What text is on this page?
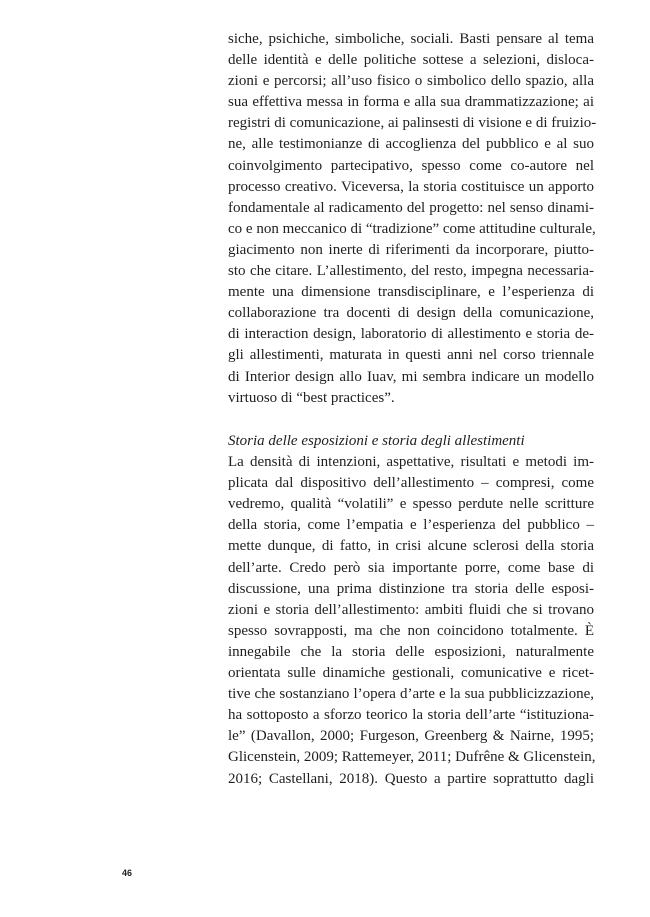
siche, psichiche, simboliche, sociali. Basti pensare al tema
delle identità e delle politiche sottese a selezioni, disloca-
zioni e percorsi; all’uso fisico o simbolico dello spazio, alla
sua effettiva messa in forma e alla sua drammatizzazione; ai
registri di comunicazione, ai palinsesti di visione e di fruizio-
ne, alle testimonianze di accoglienza del pubblico e al suo
coinvolgimento partecipativo, spesso come co-autore nel
processo creativo. Viceversa, la storia costituisce un apporto
fondamentale al radicamento del progetto: nel senso dinami-
co e non meccanico di “tradizione” come attitudine culturale,
giacimento non inerte di riferimenti da incorporare, piutto-
sto che citare. L’allestimento, del resto, impegna necessaria-
mente una dimensione transdisciplinare, e l’esperienza di
collaborazione tra docenti di design della comunicazione,
di interaction design, laboratorio di allestimento e storia de-
gli allestimenti, maturata in questi anni nel corso triennale
di Interior design allo Iuav, mi sembra indicare un modello
virtuoso di “best practices”.
Storia delle esposizioni e storia degli allestimenti
La densità di intenzioni, aspettative, risultati e metodi im-
plicata dal dispositivo dell’allestimento – compresi, come
vedremo, qualità “volatili” e spesso perdute nelle scritture
della storia, come l’empatia e l’esperienza del pubblico –
mette dunque, di fatto, in crisi alcune sclerosi della storia
dell’arte. Credo però sia importante porre, come base di
discussione, una prima distinzione tra storia delle esposi-
zioni e storia dell’allestimento: ambiti fluidi che si trovano
spesso sovrapposti, ma che non coincidono totalmente. È
innegabile che la storia delle esposizioni, naturalmente
orientata sulle dinamiche gestionali, comunicative e ricet-
tive che sostanziano l’opera d’arte e la sua pubblicizzazione,
ha sottoposto a sforzo teorico la storia dell’arte “istituziona-
le” (Davallon, 2000; Furgeson, Greenberg & Nairne, 1995;
Glicenstein, 2009; Rattemeyer, 2011; Dufrêne & Glicenstein,
2016; Castellani, 2018). Questo a partire soprattutto dagli
46
